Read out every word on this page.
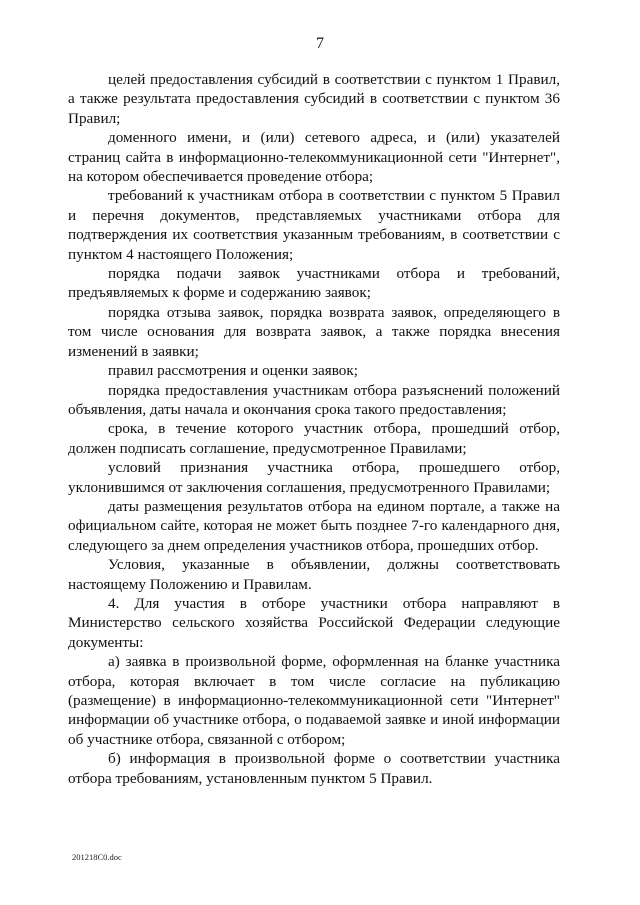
7

целей предоставления субсидий в соответствии с пунктом 1 Правил, а также результата предоставления субсидий в соответствии с пунктом 36 Правил;

доменного имени, и (или) сетевого адреса, и (или) указателей страниц сайта в информационно-телекоммуникационной сети "Интернет", на котором обеспечивается проведение отбора;

требований к участникам отбора в соответствии с пунктом 5 Правил и перечня документов, представляемых участниками отбора для подтверждения их соответствия указанным требованиям, в соответствии с пунктом 4 настоящего Положения;

порядка подачи заявок участниками отбора и требований, предъявляемых к форме и содержанию заявок;

порядка отзыва заявок, порядка возврата заявок, определяющего в том числе основания для возврата заявок, а также порядка внесения изменений в заявки;

правил рассмотрения и оценки заявок;

порядка предоставления участникам отбора разъяснений положений объявления, даты начала и окончания срока такого предоставления;

срока, в течение которого участник отбора, прошедший отбор, должен подписать соглашение, предусмотренное Правилами;

условий признания участника отбора, прошедшего отбор, уклонившимся от заключения соглашения, предусмотренного Правилами;

даты размещения результатов отбора на едином портале, а также на официальном сайте, которая не может быть позднее 7-го календарного дня, следующего за днем определения участников отбора, прошедших отбор.

Условия, указанные в объявлении, должны соответствовать настоящему Положению и Правилам.

4. Для участия в отборе участники отбора направляют в Министерство сельского хозяйства Российской Федерации следующие документы:

а) заявка в произвольной форме, оформленная на бланке участника отбора, которая включает в том числе согласие на публикацию (размещение) в информационно-телекоммуникационной сети "Интернет" информации об участнике отбора, о подаваемой заявке и иной информации об участнике отбора, связанной с отбором;

б) информация в произвольной форме о соответствии участника отбора требованиям, установленным пунктом 5 Правил.

201218C0.doc
